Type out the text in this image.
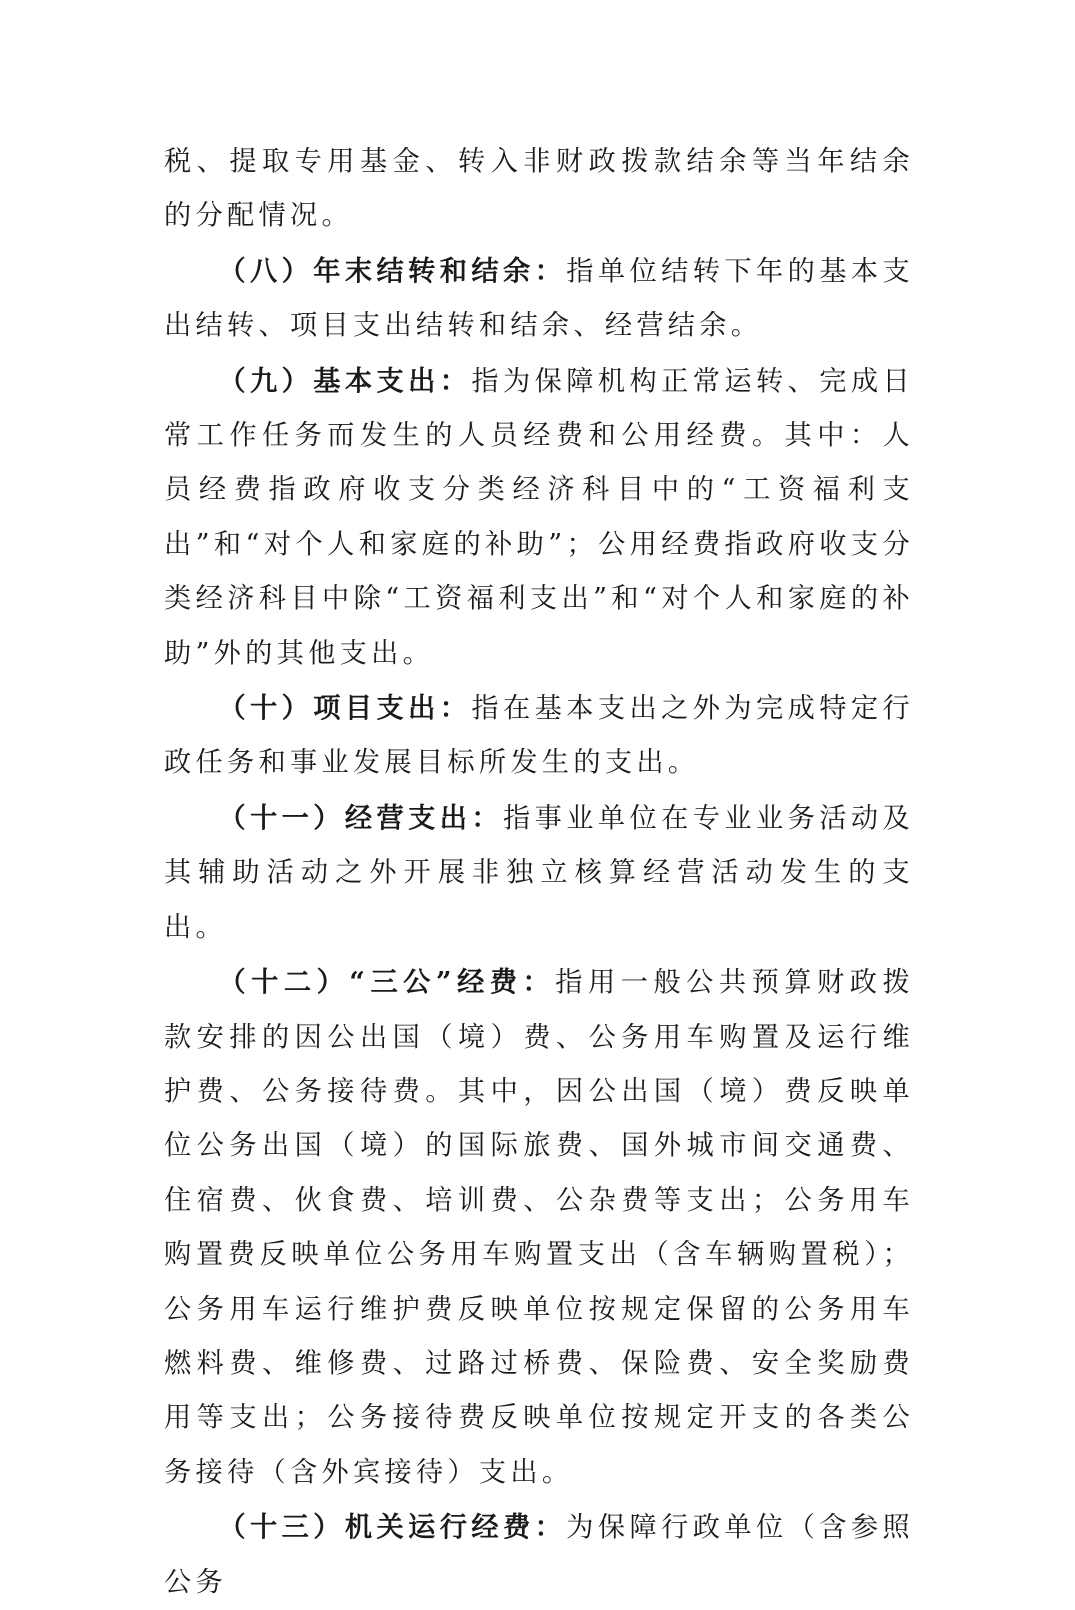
税、提取专用基金、转入非财政拨款结余等当年结余的分配情况。

（八）年末结转和结余：指单位结转下年的基本支出结转、项目支出结转和结余、经营结余。

（九）基本支出：指为保障机构正常运转、完成日常工作任务而发生的人员经费和公用经费。其中：人员经费指政府收支分类经济科目中的“工资福利支出”和“对个人和家庭的补助”；公用经费指政府收支分类经济科目中除“工资福利支出”和“对个人和家庭的补助”外的其他支出。

（十）项目支出：指在基本支出之外为完成特定行政任务和事业发展目标所发生的支出。

（十一）经营支出：指事业单位在专业业务活动及其辅助活动之外开展非独立核算经营活动发生的支出。

（十二）“三公”经费：指用一般公共预算财政拨款安排的因公出国（境）费、公务用车购置及运行维护费、公务接待费。其中，因公出国（境）费反映单位公务出国（境）的国际旅费、国外城市间交通费、住宿费、伙食费、培训费、公杂费等支出；公务用车购置费反映单位公务用车购置支出（含车辆购置税）；公务用车运行维护费反映单位按规定保留的公务用车燃料费、维修费、过路过桥费、保险费、安全奖励费用等支出；公务接待费反映单位按规定开支的各类公务接待（含外宾接待）支出。

（十三）机关运行经费：为保障行政单位（含参照公务
